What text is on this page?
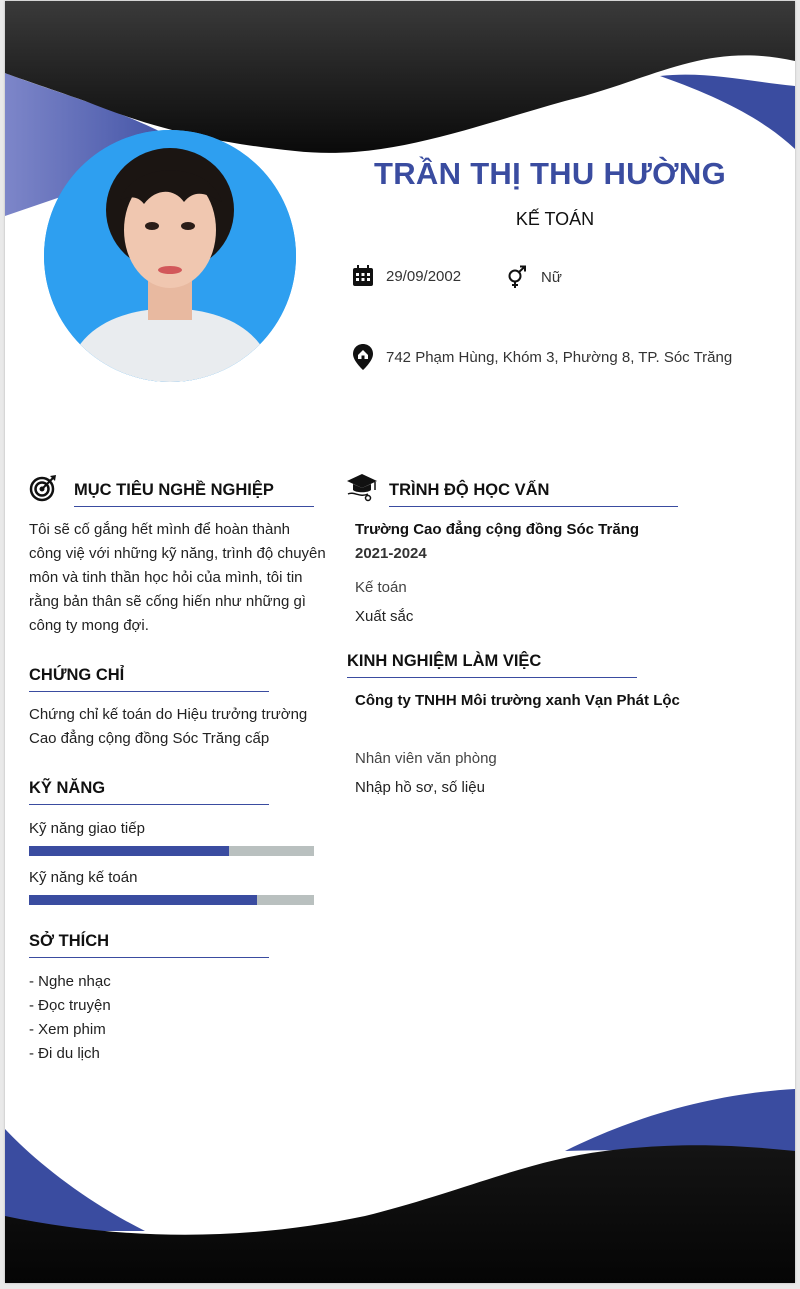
TRẦN THỊ THU HƯỜNG
KẾ TOÁN
29/09/2002	Nữ
742 Phạm Hùng, Khóm 3, Phường 8, TP. Sóc Trăng
MỤC TIÊU NGHỀ NGHIỆP
Tôi sẽ cố gắng hết mình để hoàn thành
công việ với những kỹ năng, trình độ chuyên
môn và tinh thần học hỏi của mình, tôi tin
rằng bản thân sẽ cống hiến như những gì
công ty mong đợi.
CHỨNG CHỈ
Chứng chỉ kế toán do Hiệu trưởng trường
Cao đẳng cộng đồng Sóc Trăng cấp
KỸ NĂNG
Kỹ năng giao tiếp
Kỹ năng kế toán
SỞ THÍCH
- Nghe nhạc
- Đọc truyện
- Xem phim
- Đi du lịch
TRÌNH ĐỘ HỌC VẤN
Trường Cao đẳng cộng đồng Sóc Trăng
2021-2024
Kế toán
Xuất sắc
KINH NGHIỆM LÀM VIỆC
Công ty TNHH Môi trường xanh Vạn Phát Lộc
Nhân viên văn phòng
Nhập hồ sơ, số liệu
